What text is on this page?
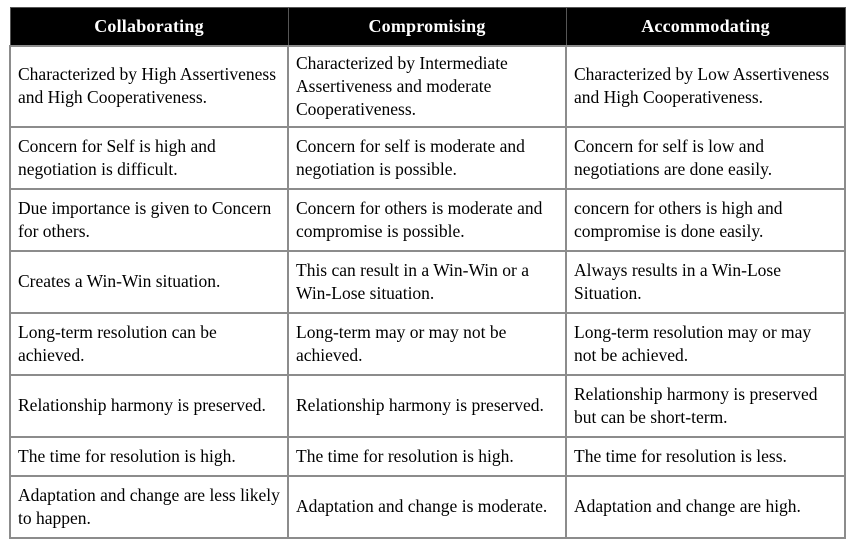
Collaborating	Compromising	Accommodating
Characterized by High Assertiveness and High Cooperativeness.	Characterized by Intermediate Assertiveness and moderate Cooperativeness.	Characterized by Low Assertiveness and High Cooperativeness.
Concern for Self is high and negotiation is difficult.	Concern for self is moderate and negotiation is possible.	Concern for self is low and negotiations are done easily.
Due importance is given to Concern for others.	Concern for others is moderate and compromise is possible.	concern for others is high and compromise is done easily.
Creates a Win-Win situation.	This can result in a Win-Win or a Win-Lose situation.	Always results in a Win-Lose Situation.
Long-term resolution can be achieved.	Long-term may or may not be achieved.	Long-term resolution may or may not be achieved.
Relationship harmony is preserved.	Relationship harmony is preserved.	Relationship harmony is preserved but can be short-term.
The time for resolution is high.	The time for resolution is high.	The time for resolution is less.
Adaptation and change are less likely to happen.	Adaptation and change is moderate.	Adaptation and change are high.
